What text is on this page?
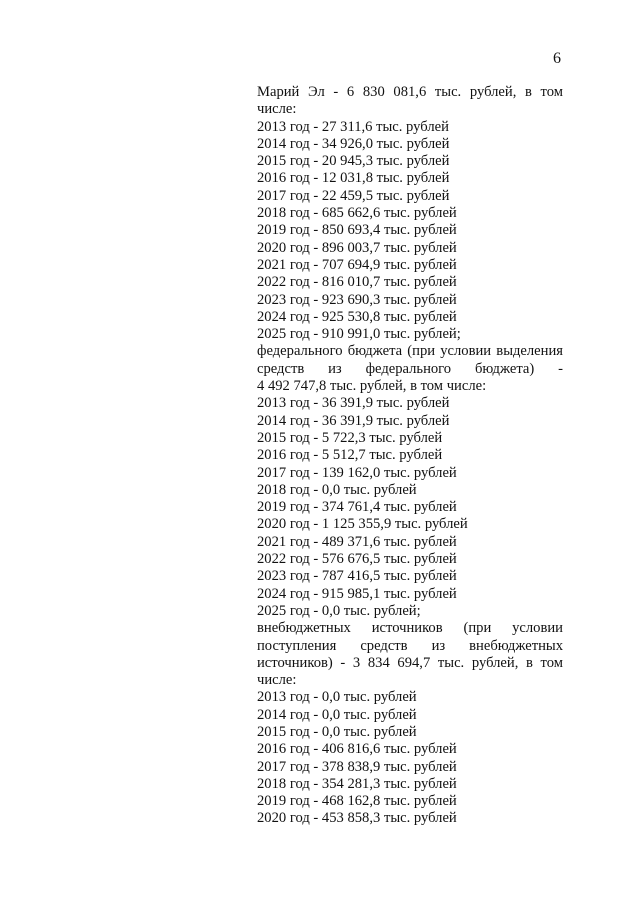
6
Марий Эл - 6 830 081,6 тыс. рублей, в том
числе:
2013 год - 27 311,6 тыс. рублей
2014 год - 34 926,0 тыс. рублей
2015 год - 20 945,3 тыс. рублей
2016 год - 12 031,8 тыс. рублей
2017 год - 22 459,5 тыс. рублей
2018 год - 685 662,6 тыс. рублей
2019 год - 850 693,4 тыс. рублей
2020 год - 896 003,7 тыс. рублей
2021 год - 707 694,9 тыс. рублей
2022 год - 816 010,7 тыс. рублей
2023 год - 923 690,3 тыс. рублей
2024 год - 925 530,8 тыс. рублей
2025 год - 910 991,0 тыс. рублей;
федерального бюджета (при условии выделения
средств из федерального бюджета) -
4 492 747,8 тыс. рублей, в том числе:
2013 год - 36 391,9 тыс. рублей
2014 год - 36 391,9 тыс. рублей
2015 год - 5 722,3 тыс. рублей
2016 год - 5 512,7 тыс. рублей
2017 год - 139 162,0 тыс. рублей
2018 год - 0,0 тыс. рублей
2019 год - 374 761,4 тыс. рублей
2020 год - 1 125 355,9 тыс. рублей
2021 год - 489 371,6 тыс. рублей
2022 год - 576 676,5 тыс. рублей
2023 год - 787 416,5 тыс. рублей
2024 год - 915 985,1 тыс. рублей
2025 год - 0,0 тыс. рублей;
внебюджетных источников (при условии
поступления средств из внебюджетных
источников) - 3 834 694,7 тыс. рублей, в том
числе:
2013 год - 0,0 тыс. рублей
2014 год - 0,0 тыс. рублей
2015 год - 0,0 тыс. рублей
2016 год - 406 816,6 тыс. рублей
2017 год - 378 838,9 тыс. рублей
2018 год - 354 281,3 тыс. рублей
2019 год - 468 162,8 тыс. рублей
2020 год - 453 858,3 тыс. рублей
